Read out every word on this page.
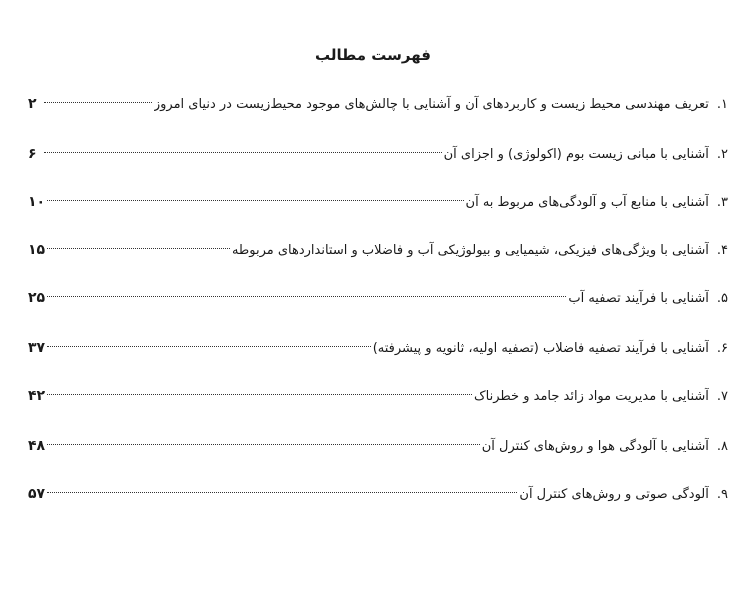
فهرست مطالب
۱.
تعریف مهندسی محیط زیست و کاربردهای آن و آشنایی با چالش‌های موجود محیط‌زیست در دنیای امروز
۲
۲.
آشنایی با مبانی زیست بوم (اکولوژی) و اجزای آن
۶
۳.
آشنایی با منابع آب و آلودگی‌های مربوط به آن
۱۰
۴.
آشنایی با ویژگی‌های فیزیکی، شیمیایی و بیولوژیکی آب و فاضلاب و استانداردهای مربوطه
۱۵
۵.
آشنایی با فرآیند تصفیه آب
۲۵
۶.
آشنایی با فرآیند تصفیه فاضلاب (تصفیه اولیه، ثانویه و پیشرفته)
۳۷
۷.
آشنایی با مدیریت مواد زائد جامد و خطرناک
۴۲
۸.
آشنایی با آلودگی هوا و روش‌های کنترل آن
۴۸
۹.
آلودگی صوتی و روش‌های کنترل آن
۵۷
